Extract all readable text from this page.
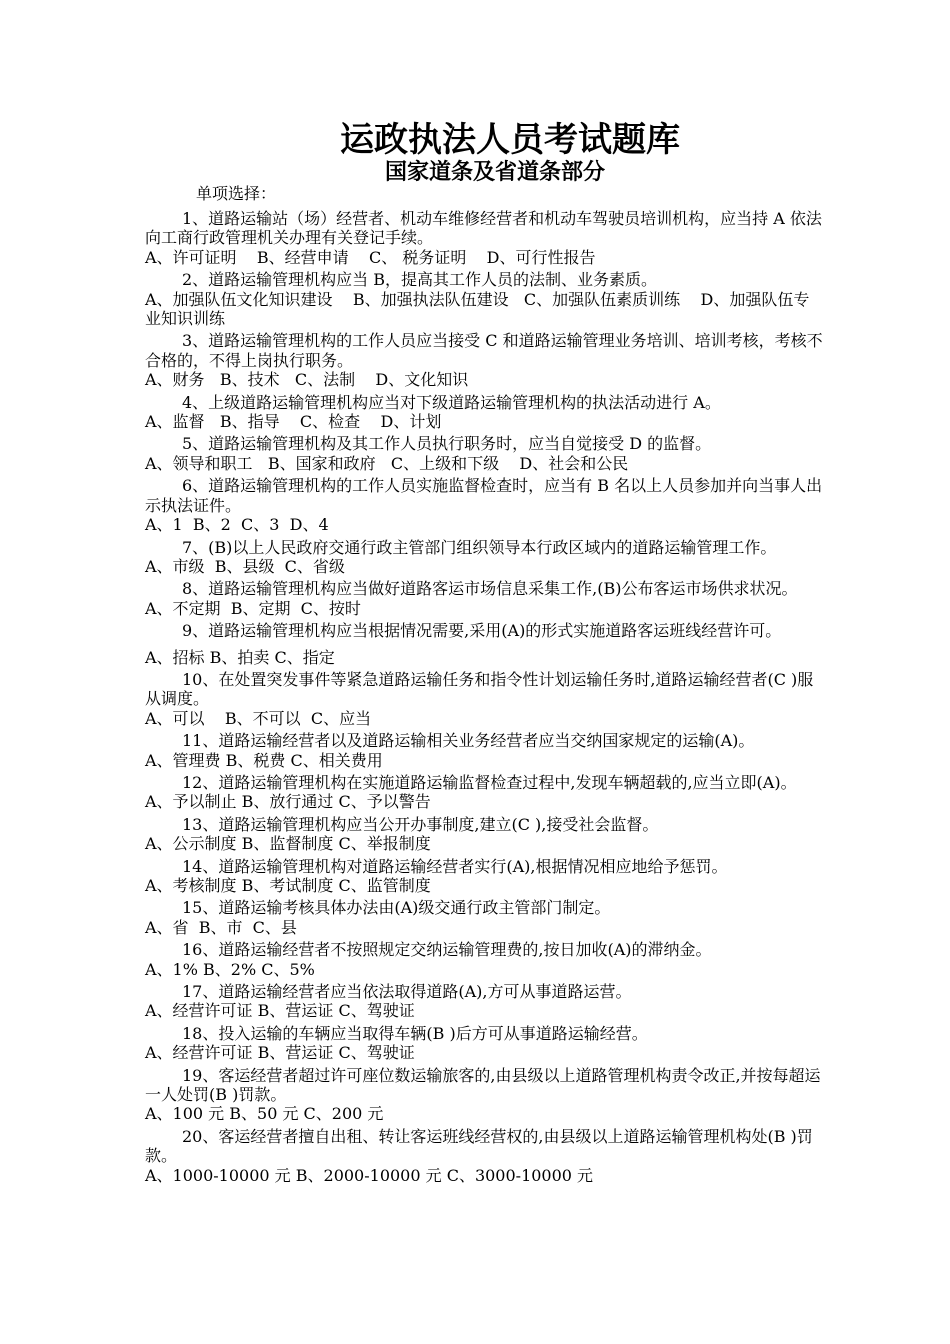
运政执法人员考试题库
国家道条及省道条部分
单项选择：

1、道路运输站（场）经营者、机动车维修经营者和机动车驾驶员培训机构，应当持 A 依法向工商行政管理机关办理有关登记手续。

A、许可证明    B、经营申请    C、 税务证明    D、可行性报告

2、道路运输管理机构应当 B，提高其工作人员的法制、业务素质。

A、加强队伍文化知识建设    B、加强执法队伍建设   C、加强队伍素质训练    D、加强队伍专业知识训练

3、道路运输管理机构的工作人员应当接受 C 和道路运输管理业务培训、培训考核，考核不合格的，不得上岗执行职务。

A、财务   B、技术   C、法制    D、文化知识

4、上级道路运输管理机构应当对下级道路运输管理机构的执法活动进行 A。

A、监督   B、指导    C、检查    D、计划

5、道路运输管理机构及其工作人员执行职务时，应当自觉接受 D 的监督。

A、领导和职工   B、国家和政府   C、上级和下级    D、社会和公民

6、道路运输管理机构的工作人员实施监督检查时，应当有 B 名以上人员参加并向当事人出示执法证件。

A、1  B、2  C、3  D、4

7、(B)以上人民政府交通行政主管部门组织领导本行政区域内的道路运输管理工作。

A、市级  B、县级  C、省级

8、道路运输管理机构应当做好道路客运市场信息采集工作,(B)公布客运市场供求状况。

A、不定期  B、定期  C、按时

9、道路运输管理机构应当根据情况需要,采用(A)的形式实施道路客运班线经营许可。

A、招标 B、拍卖 C、指定

10、在处置突发事件等紧急道路运输任务和指令性计划运输任务时,道路运输经营者(C )服从调度。

A、可以    B、不可以  C、应当

11、道路运输经营者以及道路运输相关业务经营者应当交纳国家规定的运输(A)。

A、管理费 B、税费 C、相关费用

12、道路运输管理机构在实施道路运输监督检查过程中,发现车辆超载的,应当立即(A)。

A、予以制止 B、放行通过 C、予以警告

13、道路运输管理机构应当公开办事制度,建立(C ),接受社会监督。

A、公示制度 B、监督制度 C、举报制度

14、道路运输管理机构对道路运输经营者实行(A),根据情况相应地给予惩罚。

A、考核制度 B、考试制度 C、监管制度

15、道路运输考核具体办法由(A)级交通行政主管部门制定。

A、省  B、市  C、县

16、道路运输经营者不按照规定交纳运输管理费的,按日加收(A)的滞纳金。

A、1% B、2% C、5%

17、道路运输经营者应当依法取得道路(A),方可从事道路运营。

A、经营许可证 B、营运证 C、驾驶证

18、投入运输的车辆应当取得车辆(B )后方可从事道路运输经营。

A、经营许可证 B、营运证 C、驾驶证

19、客运经营者超过许可座位数运输旅客的,由县级以上道路管理机构责令改正,并按每超运一人处罚(B )罚款。

A、100 元 B、50 元 C、200 元

20、客运经营者擅自出租、转让客运班线经营权的,由县级以上道路运输管理机构处(B )罚款。

A、1000-10000 元 B、2000-10000 元 C、3000-10000 元
